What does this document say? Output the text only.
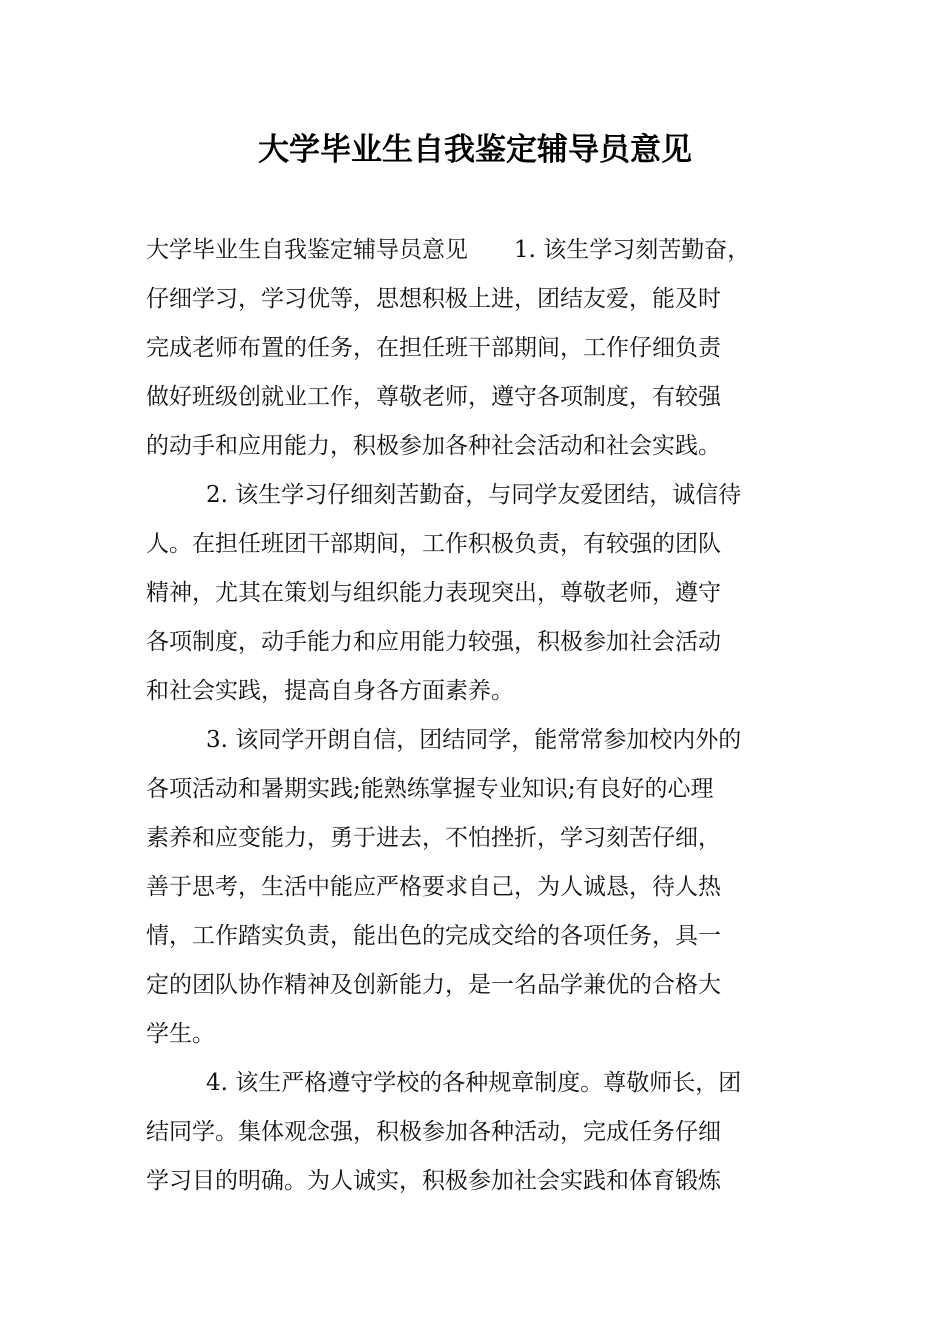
大学毕业生自我鉴定辅导员意见
大学毕业生自我鉴定辅导员意见 1. 该生学习刻苦勤奋，
仔细学习，学习优等，思想积极上进，团结友爱，能及时
完成老师布置的任务，在担任班干部期间，工作仔细负责
做好班级创就业工作，尊敬老师，遵守各项制度，有较强
的动手和应用能力，积极参加各种社会活动和社会实践。
2. 该生学习仔细刻苦勤奋，与同学友爱团结，诚信待
人。在担任班团干部期间，工作积极负责，有较强的团队
精神，尤其在策划与组织能力表现突出，尊敬老师，遵守
各项制度，动手能力和应用能力较强，积极参加社会活动
和社会实践，提高自身各方面素养。
3. 该同学开朗自信，团结同学，能常常参加校内外的
各项活动和暑期实践;能熟练掌握专业知识;有良好的心理
素养和应变能力，勇于进去，不怕挫折，学习刻苦仔细，
善于思考，生活中能应严格要求自己，为人诚恳，待人热
情，工作踏实负责，能出色的完成交给的各项任务，具一
定的团队协作精神及创新能力，是一名品学兼优的合格大
学生。
4. 该生严格遵守学校的各种规章制度。尊敬师长，团
结同学。集体观念强，积极参加各种活动，完成任务仔细
学习目的明确。为人诚实，积极参加社会实践和体育锻炼
